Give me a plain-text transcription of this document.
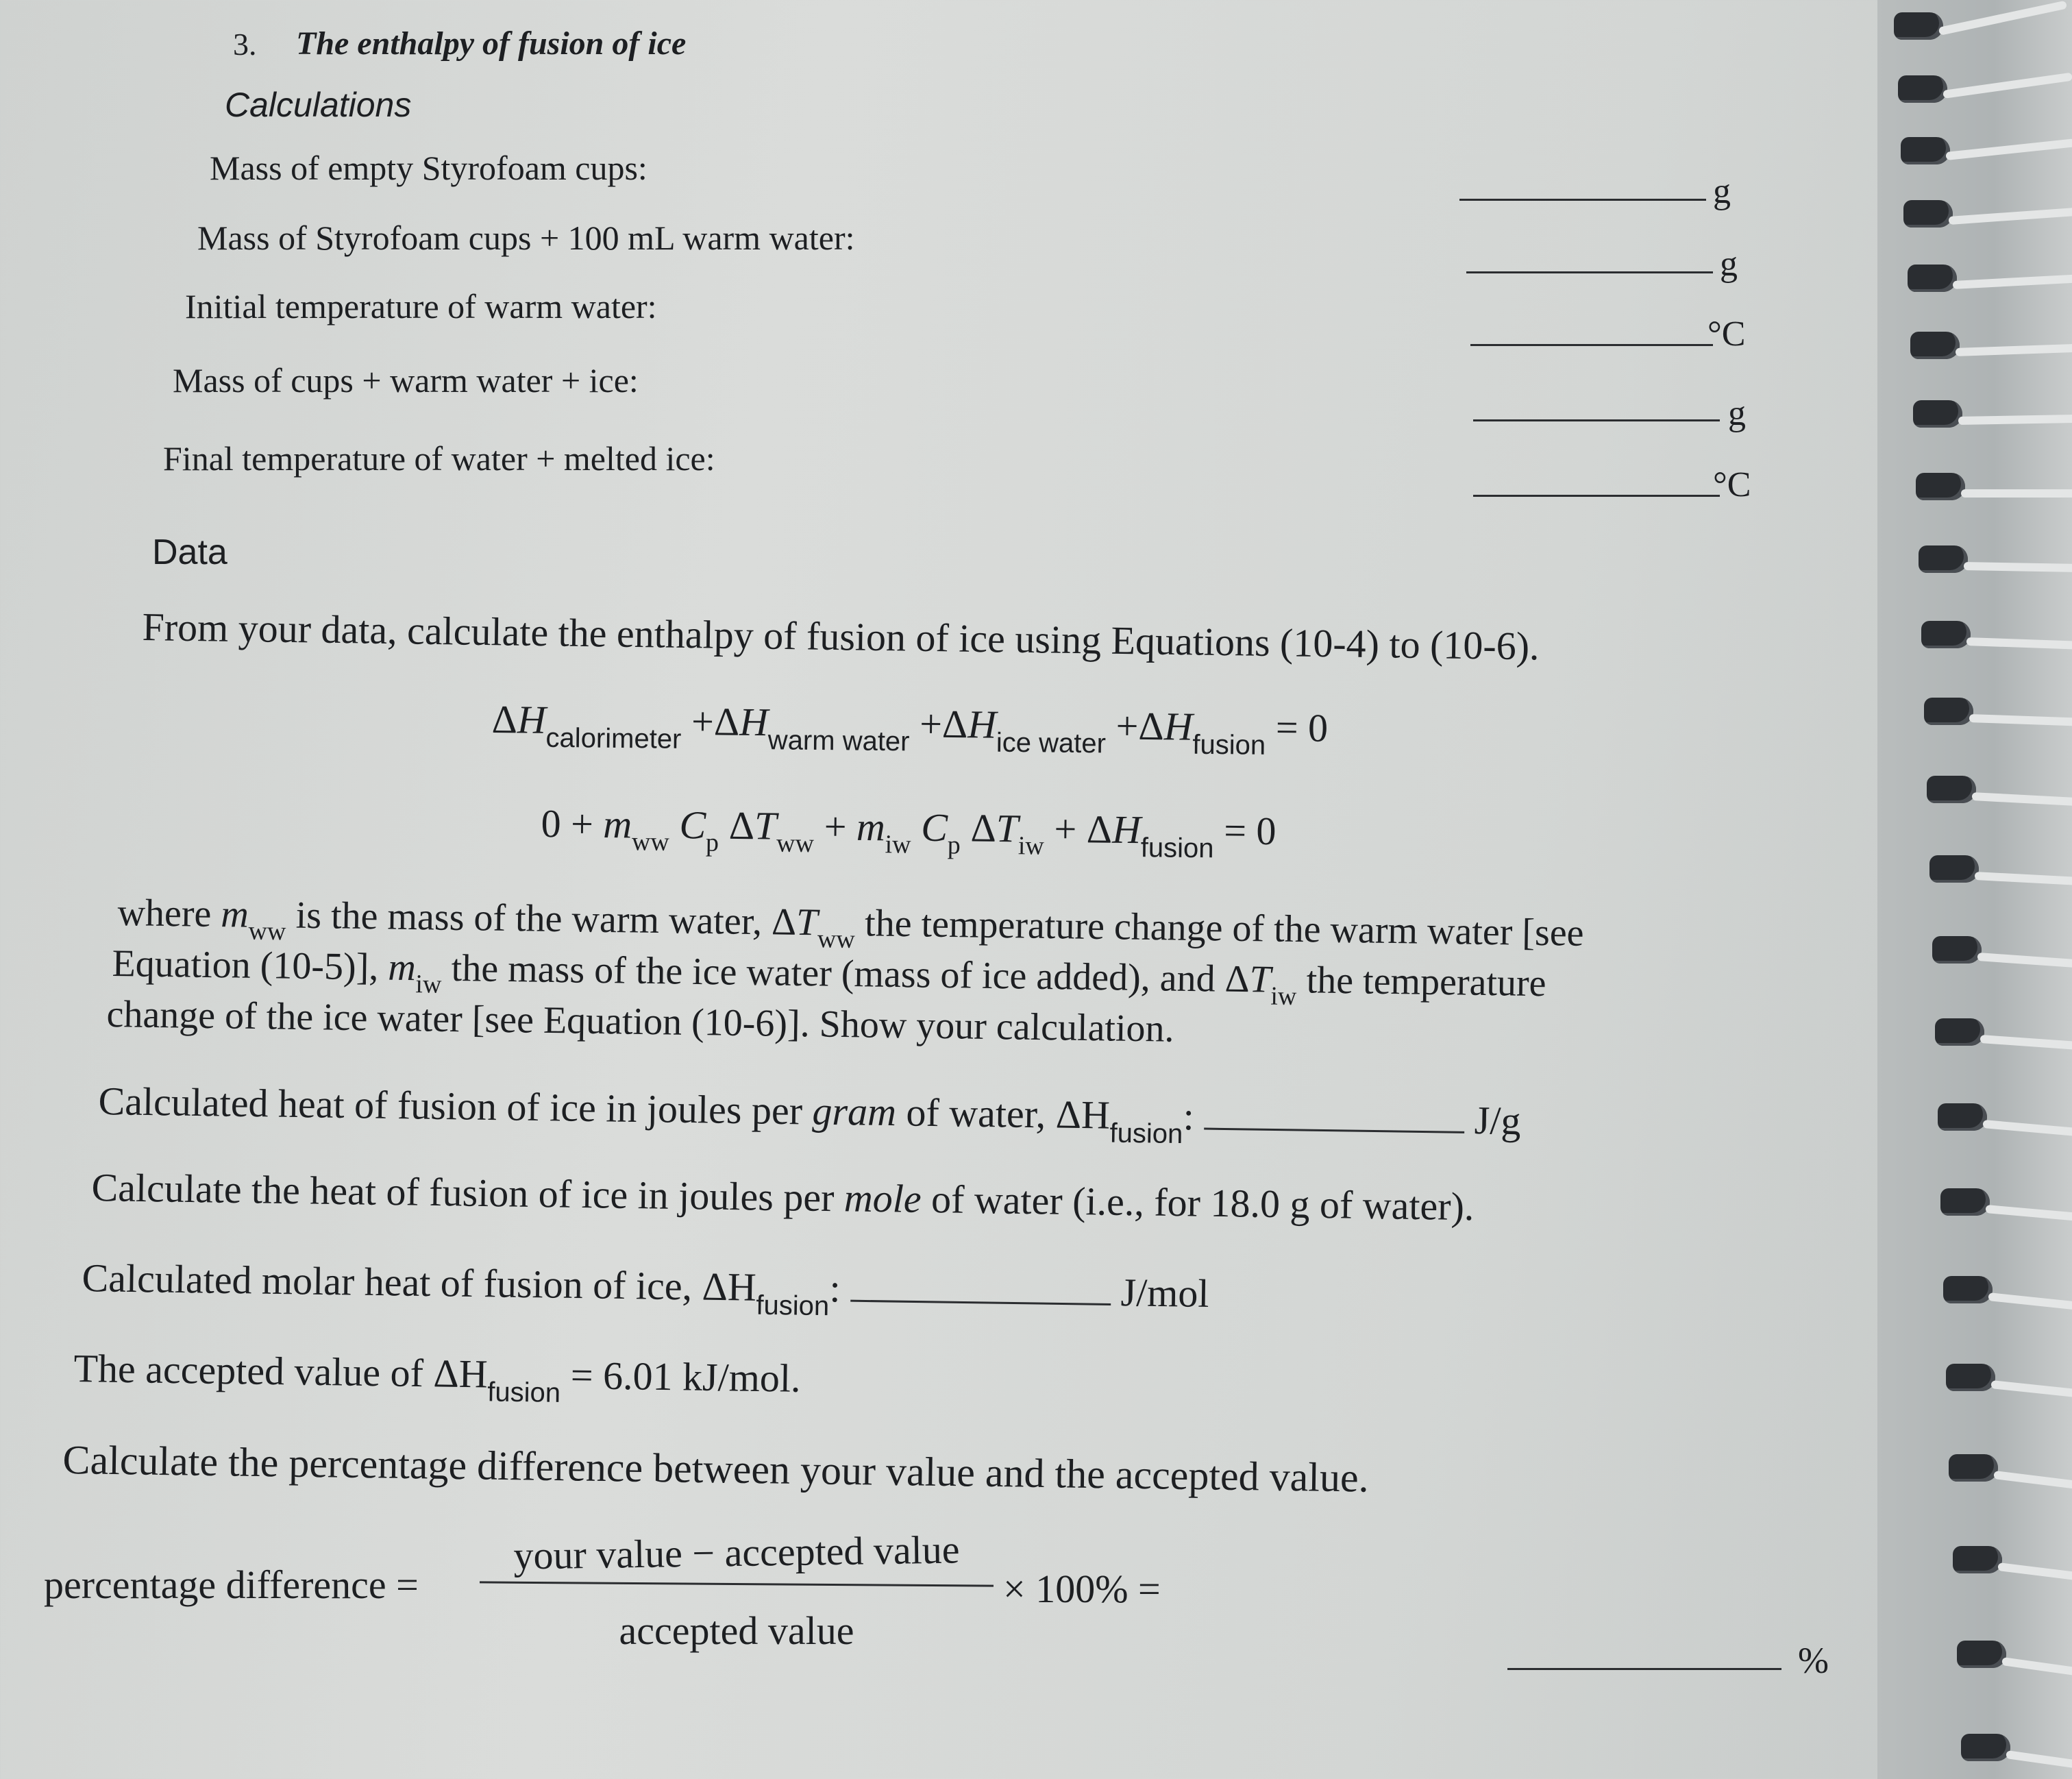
3. The enthalpy of fusion of ice
Calculations
Mass of empty Styrofoam cups:
g
Mass of Styrofoam cups + 100 mL warm water:
g
Initial temperature of warm water:
°C
Mass of cups + warm water + ice:
g
Final temperature of water + melted ice:
°C
Data
From your data, calculate the enthalpy of fusion of ice using Equations (10-4) to (10-6).
$\Delta H_{calorimeter} +\Delta H_{warm water} +\Delta H_{ice water} +\Delta H_{fusion} = 0$
$0 + m_{ww}$ $C_p$ $\Delta T_{ww} + m_{iw}$ $C_p$ $\Delta T_{iw} + \Delta H_{fusion} = 0$
where $m_{ww}$ is the mass of the warm water, $\Delta T_{ww}$ the temperature change of the warm water [see
Equation (10-5)], $m_{iw}$ the mass of the ice water (mass of ice added), and $\Delta T_{iw}$ the temperature
change of the ice water [see Equation (10-6)]. Show your calculation.
Calculated heat of fusion of ice in joules per gram of water, $\Delta H_{fusion}$:	J/g
Calculate the heat of fusion of ice in joules per mole of water (i.e., for 18.0 g of water).
Calculated molar heat of fusion of ice, $\Delta H_{fusion}$:	J/mol
The accepted value of $\Delta H_{fusion} = 6.01$ kJ/mol.
Calculate the percentage difference between your value and the accepted value.
percentage difference =
your value − accepted value
accepted value
× 100% =
%
